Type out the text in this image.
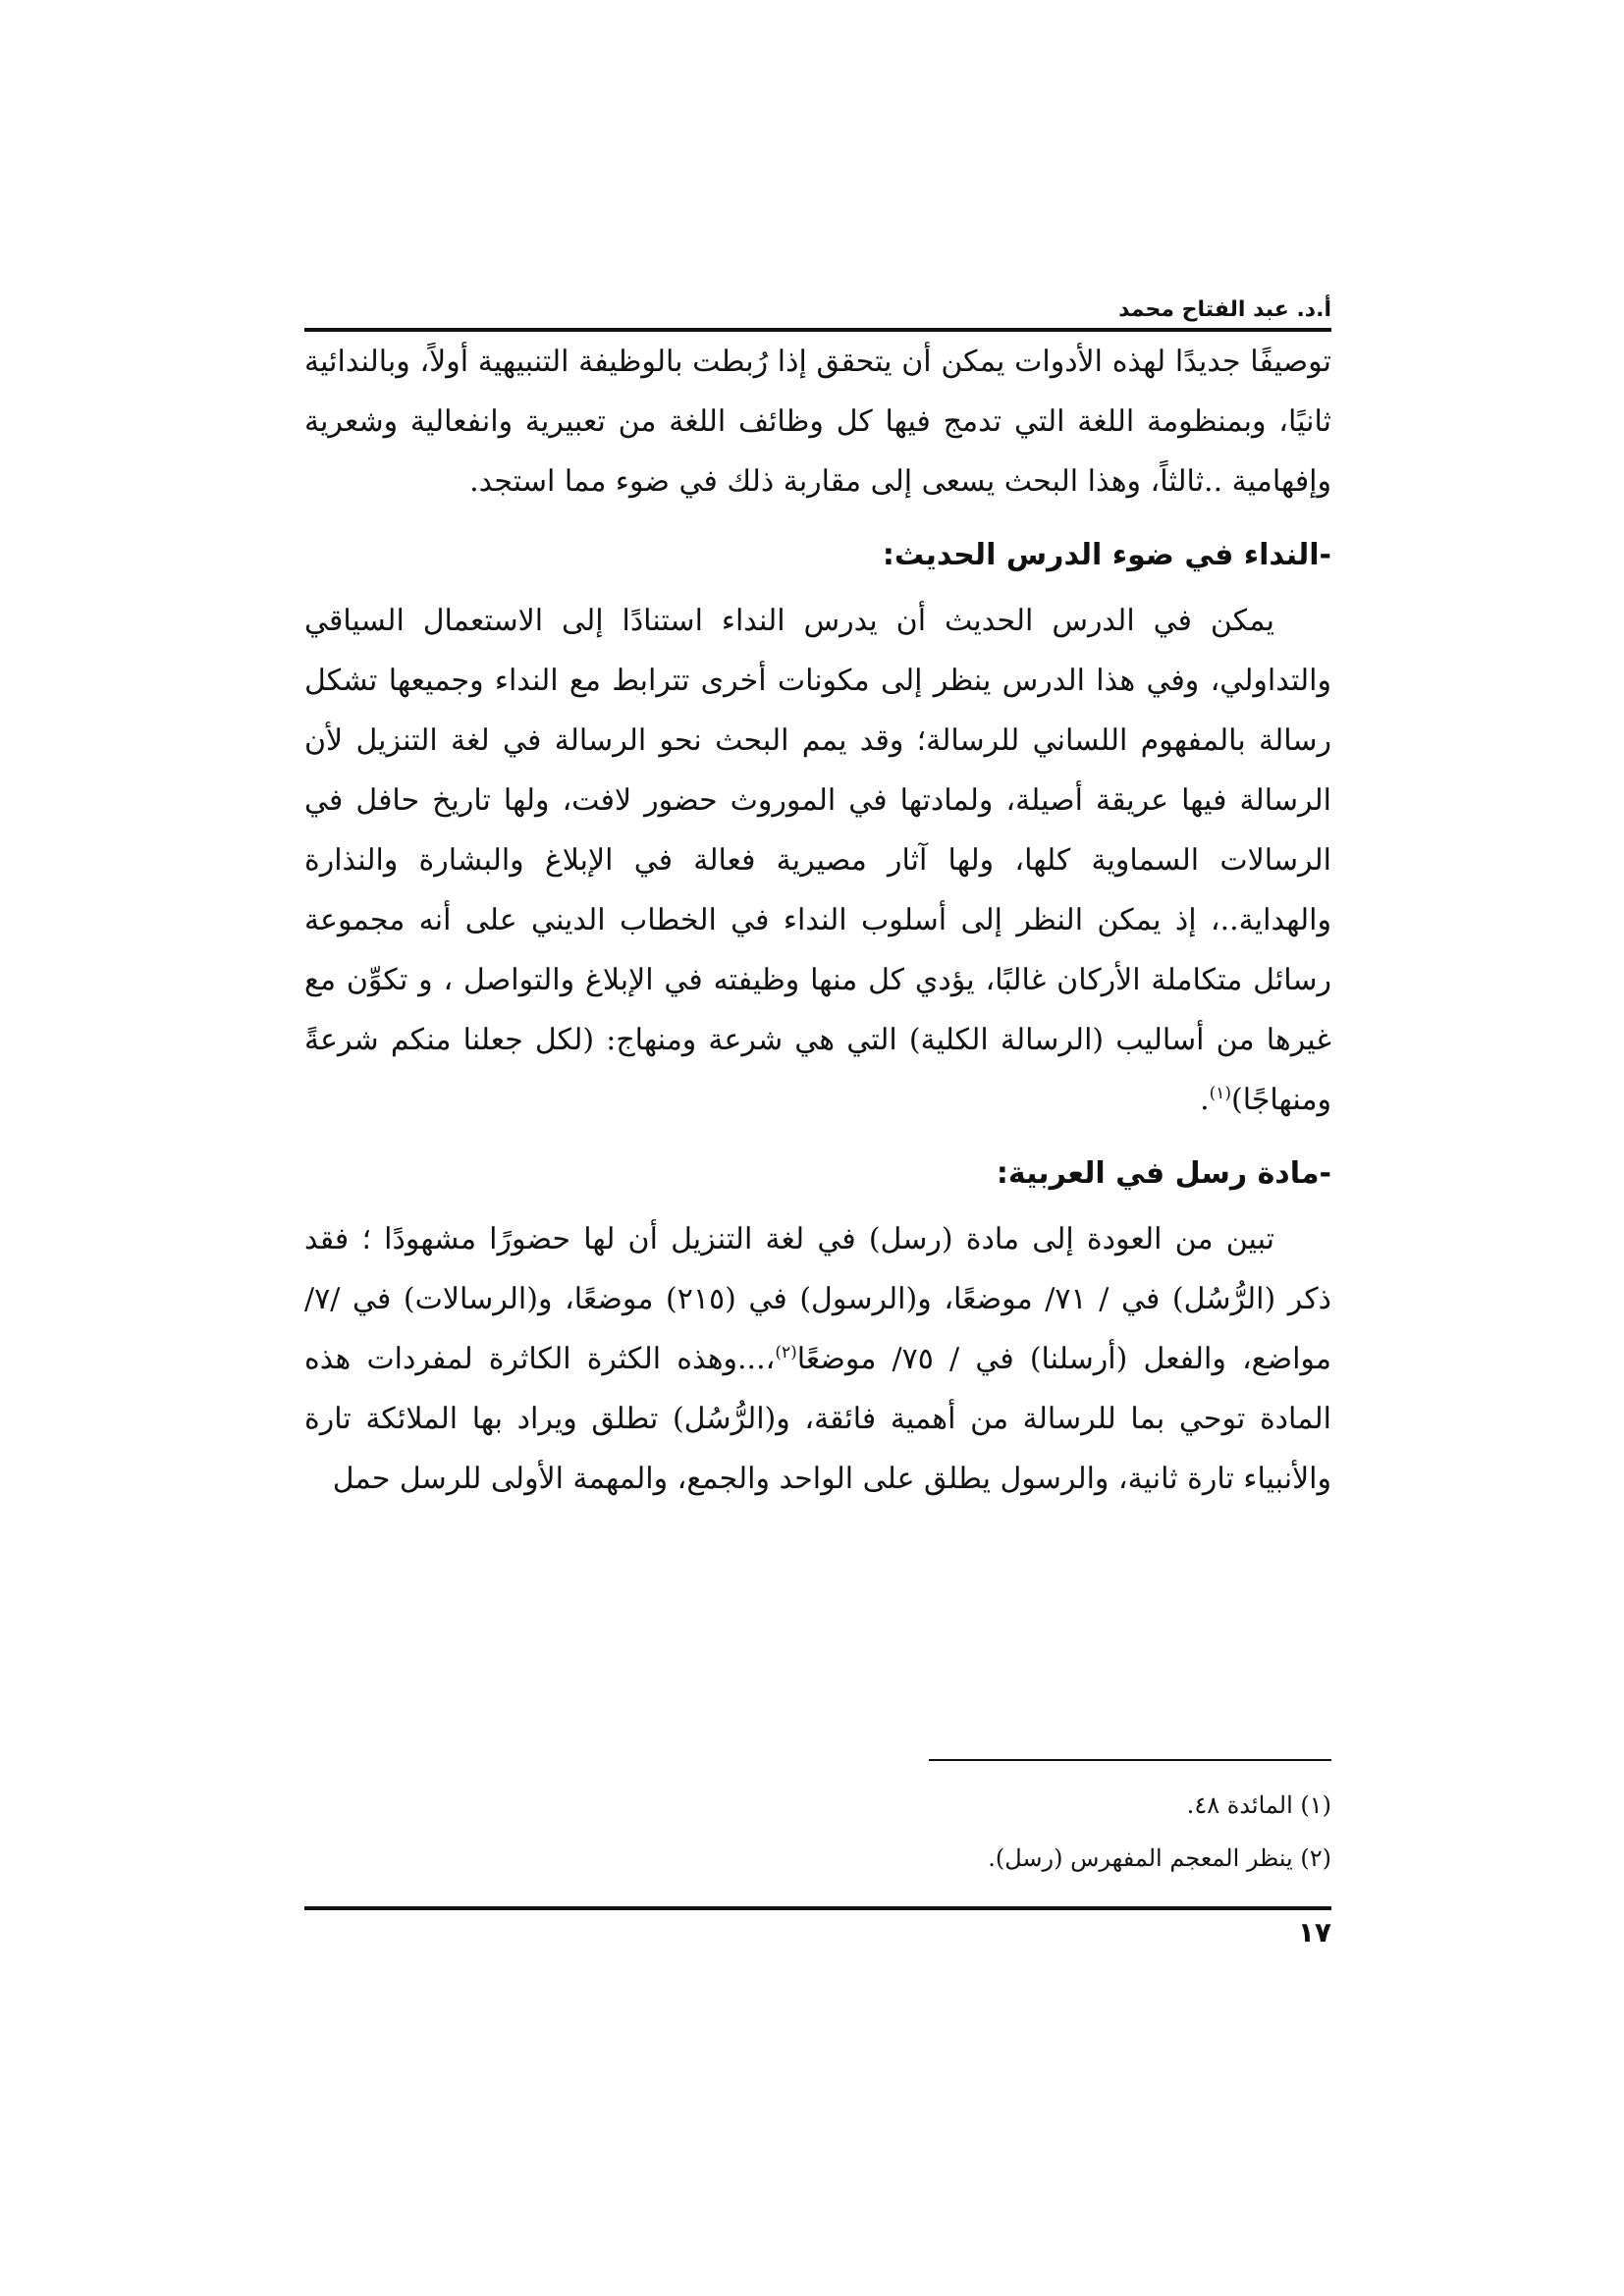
أ.د. عبد الفتاح محمد

توصيفًا جديدًا لهذه الأدوات يمكن أن يتحقق إذا رُبطت بالوظيفة التنبيهية أولاً، وبالندائية ثانيًا، وبمنظومة اللغة التي تدمج فيها كل وظائف اللغة من تعبيرية وانفعالية وشعرية وإفهامية ..ثالثاً، وهذا البحث يسعى إلى مقاربة ذلك في ضوء مما استجد.

-النداء في ضوء الدرس الحديث:

يمكن في الدرس الحديث أن يدرس النداء استنادًا إلى الاستعمال السياقي والتداولي، وفي هذا الدرس ينظر إلى مكونات أخرى تترابط مع النداء وجميعها تشكل رسالة بالمفهوم اللساني للرسالة؛ وقد يمم البحث نحو الرسالة في لغة التنزيل لأن الرسالة فيها عريقة أصيلة، ولمادتها في الموروث حضور لافت، ولها تاريخ حافل في الرسالات السماوية كلها، ولها آثار مصيرية فعالة في الإبلاغ والبشارة والنذارة والهداية..، إذ يمكن النظر إلى أسلوب النداء في الخطاب الديني على أنه مجموعة رسائل متكاملة الأركان غالبًا، يؤدي كل منها وظيفته في الإبلاغ والتواصل ، و تكوِّن مع غيرها من أساليب (الرسالة الكلية) التي هي شرعة ومنهاج: (لكل جعلنا منكم شرعةً ومنهاجًا)$^{(١)}$.

-مادة رسل في العربية:

تبين من العودة إلى مادة (رسل) في لغة التنزيل أن لها حضورًا مشهودًا ؛ فقد ذكر (الرُّسُل) في / ٧١/ موضعًا، و(الرسول) في (٢١٥) موضعًا، و(الرسالات) في /٧/ مواضع، والفعل (أرسلنا) في / ٧٥/ موضعًا$^{(٢)}$،...وهذه الكثرة الكاثرة لمفردات هذه المادة توحي بما للرسالة من أهمية فائقة، و(الرُّسُل) تطلق ويراد بها الملائكة تارة والأنبياء تارة ثانية، والرسول يطلق على الواحد والجمع، والمهمة الأولى للرسل حمل

(١) المائدة ٤٨.
(٢) ينظر المعجم المفهرس (رسل).
١٧
